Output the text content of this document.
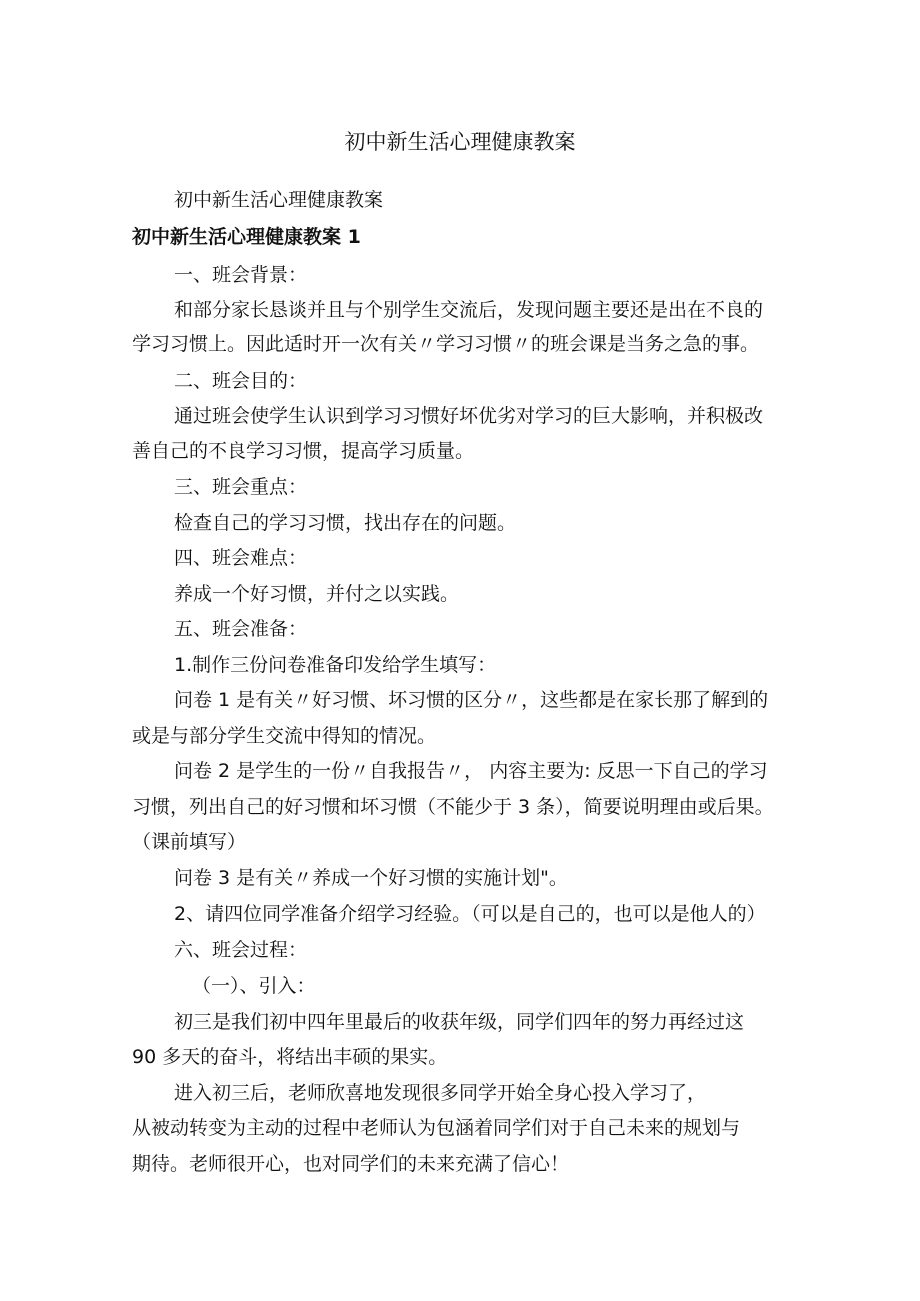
初中新生活心理健康教案
初中新生活心理健康教案
初中新生活心理健康教案 1
一、班会背景：
和部分家长恳谈并且与个别学生交流后，发现问题主要还是出在不良的
学习习惯上。因此适时开一次有关〃学习习惯〃的班会课是当务之急的事。
二、班会目的：
通过班会使学生认识到学习习惯好坏优劣对学习的巨大影响，并积极改
善自己的不良学习习惯，提高学习质量。
三、班会重点：
检查自己的学习习惯，找出存在的问题。
四、班会难点：
养成一个好习惯，并付之以实践。
五、班会准备：
1.制作三份问卷准备印发给学生填写：
问卷 1 是有关〃好习惯、坏习惯的区分〃，这些都是在家长那了解到的
或是与部分学生交流中得知的情况。
问卷 2 是学生的一份〃自我报告〃， 内容主要为: 反思一下自己的学习
习惯，列出自己的好习惯和坏习惯（不能少于 3 条），简要说明理由或后果。
（课前填写）
问卷 3 是有关〃养成一个好习惯的实施计划"。
2、请四位同学准备介绍学习经验。（可以是自己的，也可以是他人的）
六、班会过程：
（一）、引入：
初三是我们初中四年里最后的收获年级，同学们四年的努力再经过这
90 多天的奋斗，将结出丰硕的果实。
进入初三后，老师欣喜地发现很多同学开始全身心投入学习了，
从被动转变为主动的过程中老师认为包涵着同学们对于自己未来的规划与
期待。老师很开心，也对同学们的未来充满了信心！
